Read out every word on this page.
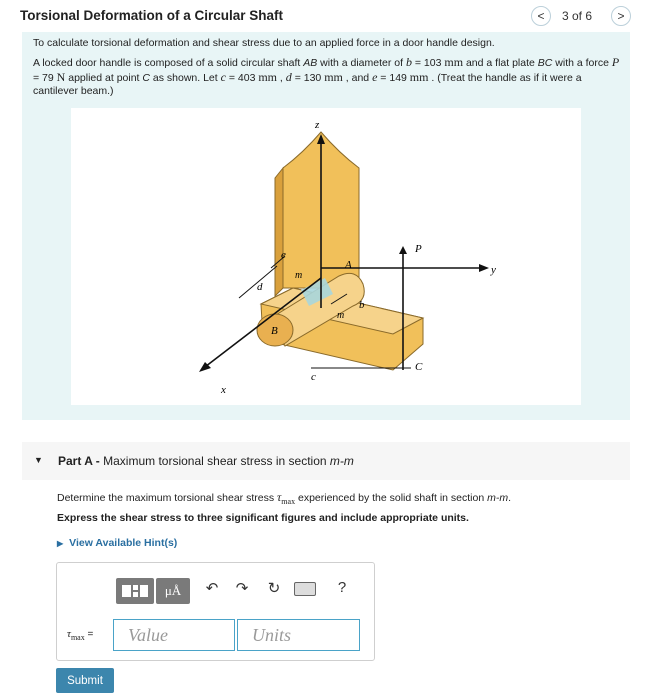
Torsional Deformation of a Circular Shaft	<	3 of 6	>

To calculate torsional deformation and shear stress due to an applied force in a door handle design.

A locked door handle is composed of a solid circular shaft AB with a diameter of b = 103 mm and a flat plate BC with a force P = 79 N applied at point C as shown. Let c = 403 mm , d = 130 mm , and e = 149 mm . (Treat the handle as if it were a cantilever beam.)

z
y
x
P
A
B
C
c
d
e
b
m
m
▼ Part A - Maximum torsional shear stress in section m-m
Determine the maximum torsional shear stress $\tau_{max}$ experienced by the solid shaft in section m-m.
Express the shear stress to three significant figures and include appropriate units.
▶ View Available Hint(s)
μÅ	↶ ↷ ↻	?
$\tau_{max}$ =
Value
Units
Submit
